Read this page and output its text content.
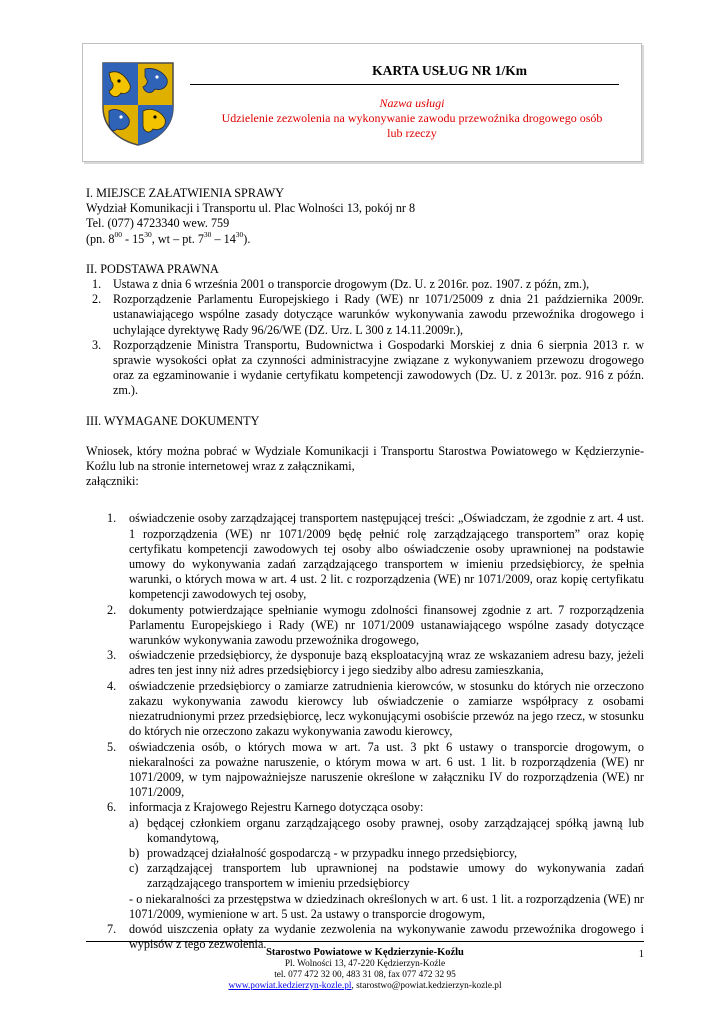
KARTA USŁUG NR 1/Km
Nazwa usługi
Udzielenie zezwolenia na wykonywanie zawodu przewoźnika drogowego osób
lub rzeczy

I. MIEJSCE ZAŁATWIENIA SPRAWY

Wydział Komunikacji i Transportu ul. Plac Wolności 13, pokój nr 8

Tel. (077) 4723340 wew. 759

(pn. $8^{00} - 15^{30}$, wt – pt. $7^{30} - 14^{30}$).

II. PODSTAWA PRAWNA

1. Ustawa z dnia 6 września 2001 o transporcie drogowym (Dz. U. z 2016r. poz. 1907. z późn, zm.),
2. Rozporządzenie Parlamentu Europejskiego i Rady (WE) nr 1071/25009 z dnia 21 października 2009r. ustanawiającego wspólne zasady dotyczące warunków wykonywania zawodu przewoźnika drogowego i uchylające dyrektywę Rady 96/26/WE (DZ. Urz. L 300 z 14.11.2009r.),
3. Rozporządzenie Ministra Transportu, Budownictwa i Gospodarki Morskiej z dnia 6 sierpnia 2013 r. w sprawie wysokości opłat za czynności administracyjne związane z wykonywaniem przewozu drogowego oraz za egzaminowanie i wydanie certyfikatu kompetencji zawodowych (Dz. U. z 2013r. poz. 916 z późn. zm.).

III. WYMAGANE DOKUMENTY

Wniosek, który można pobrać w Wydziale Komunikacji i Transportu Starostwa Powiatowego w Kędzierzynie-Koźlu lub na stronie internetowej wraz z załącznikami,

załączniki:

1. oświadczenie osoby zarządzającej transportem następującej treści: „Oświadczam, że zgodnie z art. 4 ust. 1 rozporządzenia (WE) nr 1071/2009 będę pełnić rolę zarządzającego transportem” oraz kopię certyfikatu kompetencji zawodowych tej osoby albo oświadczenie osoby uprawnionej na podstawie umowy do wykonywania zadań zarządzającego transportem w imieniu przedsiębiorcy, że spełnia warunki, o których mowa w art. 4 ust. 2 lit. c rozporządzenia (WE) nr 1071/2009, oraz kopię certyfikatu kompetencji zawodowych tej osoby,
2. dokumenty potwierdzające spełnianie wymogu zdolności finansowej zgodnie z art. 7 rozporządzenia Parlamentu Europejskiego i Rady (WE) nr 1071/2009 ustanawiającego wspólne zasady dotyczące warunków wykonywania zawodu przewoźnika drogowego,
3. oświadczenie przedsiębiorcy, że dysponuje bazą eksploatacyjną wraz ze wskazaniem adresu bazy, jeżeli adres ten jest inny niż adres przedsiębiorcy i jego siedziby albo adresu zamieszkania,
4. oświadczenie przedsiębiorcy o zamiarze zatrudnienia kierowców, w stosunku do których nie orzeczono zakazu wykonywania zawodu kierowcy lub oświadczenie o zamiarze współpracy z osobami niezatrudnionymi przez przedsiębiorcę, lecz wykonującymi osobiście przewóz na jego rzecz, w stosunku do których nie orzeczono zakazu wykonywania zawodu kierowcy,
5. oświadczenia osób, o których mowa w art. 7a ust. 3 pkt 6 ustawy o transporcie drogowym, o niekaralności za poważne naruszenie, o którym mowa w art. 6 ust. 1 lit. b rozporządzenia (WE) nr 1071/2009, w tym najpoważniejsze naruszenie określone w załączniku IV do rozporządzenia (WE) nr 1071/2009,
6. informacja z Krajowego Rejestru Karnego dotycząca osoby:
a) będącej członkiem organu zarządzającego osoby prawnej, osoby zarządzającej spółką jawną lub komandytową,
b) prowadzącej działalność gospodarczą - w przypadku innego przedsiębiorcy,
c) zarządzającej transportem lub uprawnionej na podstawie umowy do wykonywania zadań zarządzającego transportem w imieniu przedsiębiorcy

- o niekaralności za przestępstwa w dziedzinach określonych w art. 6 ust. 1 lit. a rozporządzenia (WE) nr 1071/2009, wymienione w art. 5 ust. 2a ustawy o transporcie drogowym,

7. dowód uiszczenia opłaty za wydanie zezwolenia na wykonywanie zawodu przewoźnika drogowego i wypisów z tego zezwolenia.
1
Starostwo Powiatowe w Kędzierzynie-Koźlu
Pl. Wolności 13, 47-220 Kędzierzyn-Koźle
tel. 077 472 32 00, 483 31 08, fax 077 472 32 95
www.powiat.kedzierzyn-kozle.pl, starostwo@powiat.kedzierzyn-kozle.pl
